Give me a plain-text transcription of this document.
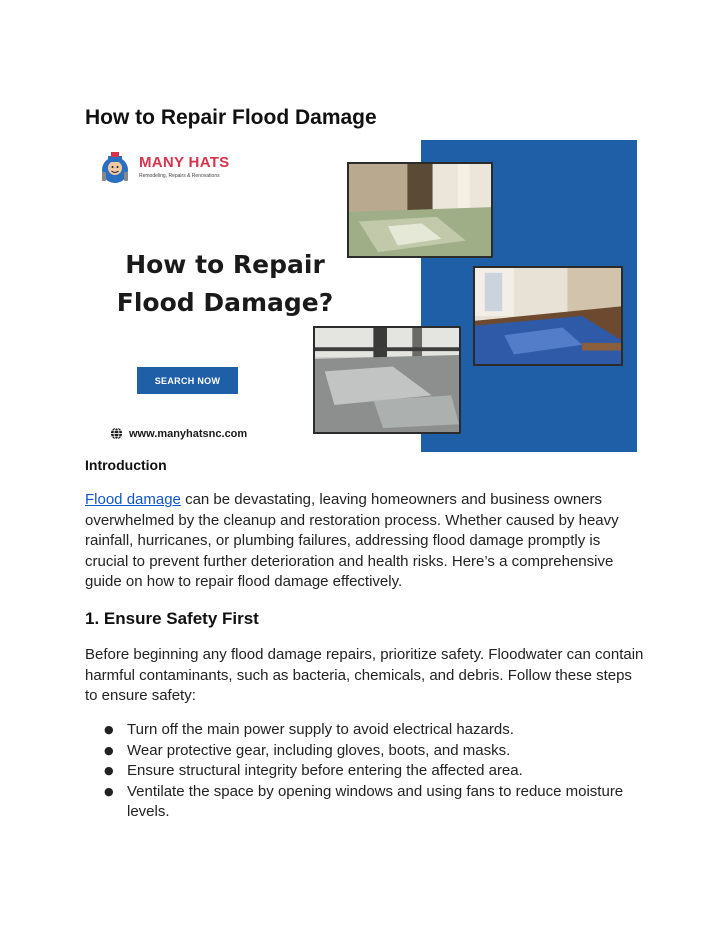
How to Repair Flood Damage
MANY HATS
Remodeling, Repairs & Renovations
How to Repair
Flood Damage?
SEARCH NOW
www.manyhatsnc.com
Introduction

Flood damage can be devastating, leaving homeowners and business owners overwhelmed by the cleanup and restoration process. Whether caused by heavy rainfall, hurricanes, or plumbing failures, addressing flood damage promptly is crucial to prevent further deterioration and health risks. Here’s a comprehensive guide on how to repair flood damage effectively.

1. Ensure Safety First

Before beginning any flood damage repairs, prioritize safety. Floodwater can contain harmful contaminants, such as bacteria, chemicals, and debris. Follow these steps to ensure safety:

● Turn off the main power supply to avoid electrical hazards.
● Wear protective gear, including gloves, boots, and masks.
● Ensure structural integrity before entering the affected area.
● Ventilate the space by opening windows and using fans to reduce moisture levels.
